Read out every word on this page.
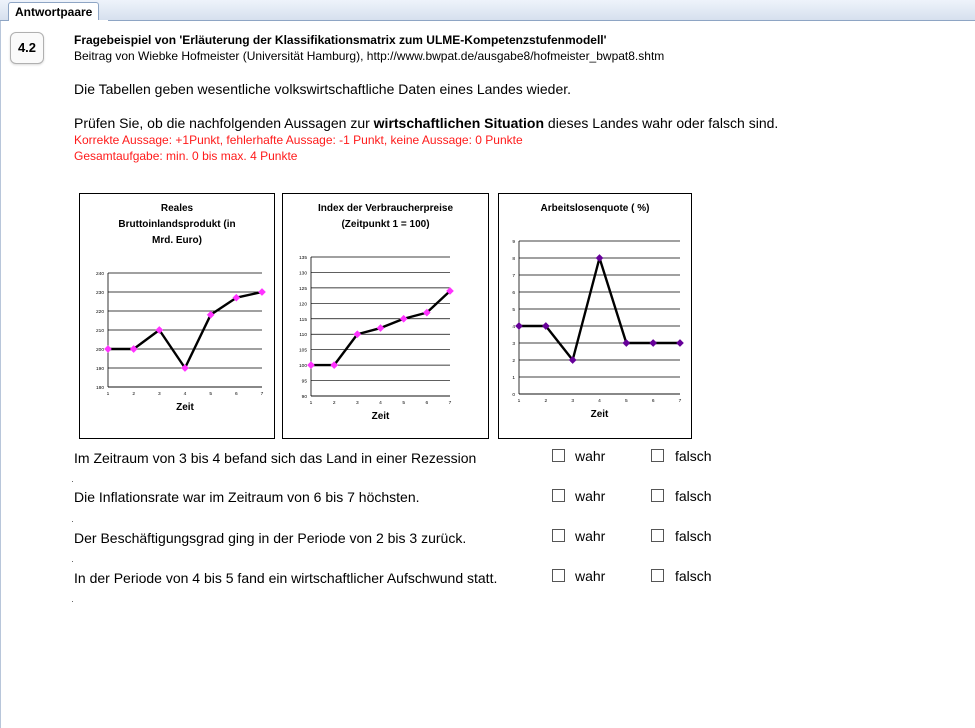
Antwortpaare
4.2	Fragebeispiel von 'Erläuterung der Klassifikationsmatrix zum ULME-Kompetenzstufenmodell'
Beitrag von Wiebke Hofmeister (Universität Hamburg), http://www.bwpat.de/ausgabe8/hofmeister_bwpat8.shtm
Die Tabellen geben wesentliche volkswirtschaftliche Daten eines Landes wieder.
Prüfen Sie, ob die nachfolgenden Aussagen zur wirtschaftlichen Situation dieses Landes wahr oder falsch sind.
Korrekte Aussage: +1Punkt, fehlerhafte Aussage: -1 Punkt, keine Aussage: 0 Punkte
Gesamtaufgabe: min. 0 bis max. 4 Punkte
Reales
Bruttoinlandsprodukt (in
Mrd. Euro)
180
190
200
210
220
230
240
1	2	3	4	5	6	7
Zeit
Index der Verbraucherpreise
(Zeitpunkt 1 = 100)
90
95
100
105
110
115
120
125
130
135
1	2	3	4	5	6	7
Zeit
Arbeitslosenquote ( %)
0
1
2
3
4
5
6
7
8
9
1	2	3	4	5	6	7
Zeit
Im Zeitraum von 3 bis 4 befand sich das Land in einer Rezession	wahr	falsch
Die Inflationsrate war im Zeitraum von 6 bis 7 höchsten.	wahr	falsch
Der Beschäftigungsgrad ging in der Periode von 2 bis 3 zurück.	wahr	falsch
In der Periode von 4 bis 5 fand ein wirtschaftlicher Aufschwund statt.	wahr	falsch
